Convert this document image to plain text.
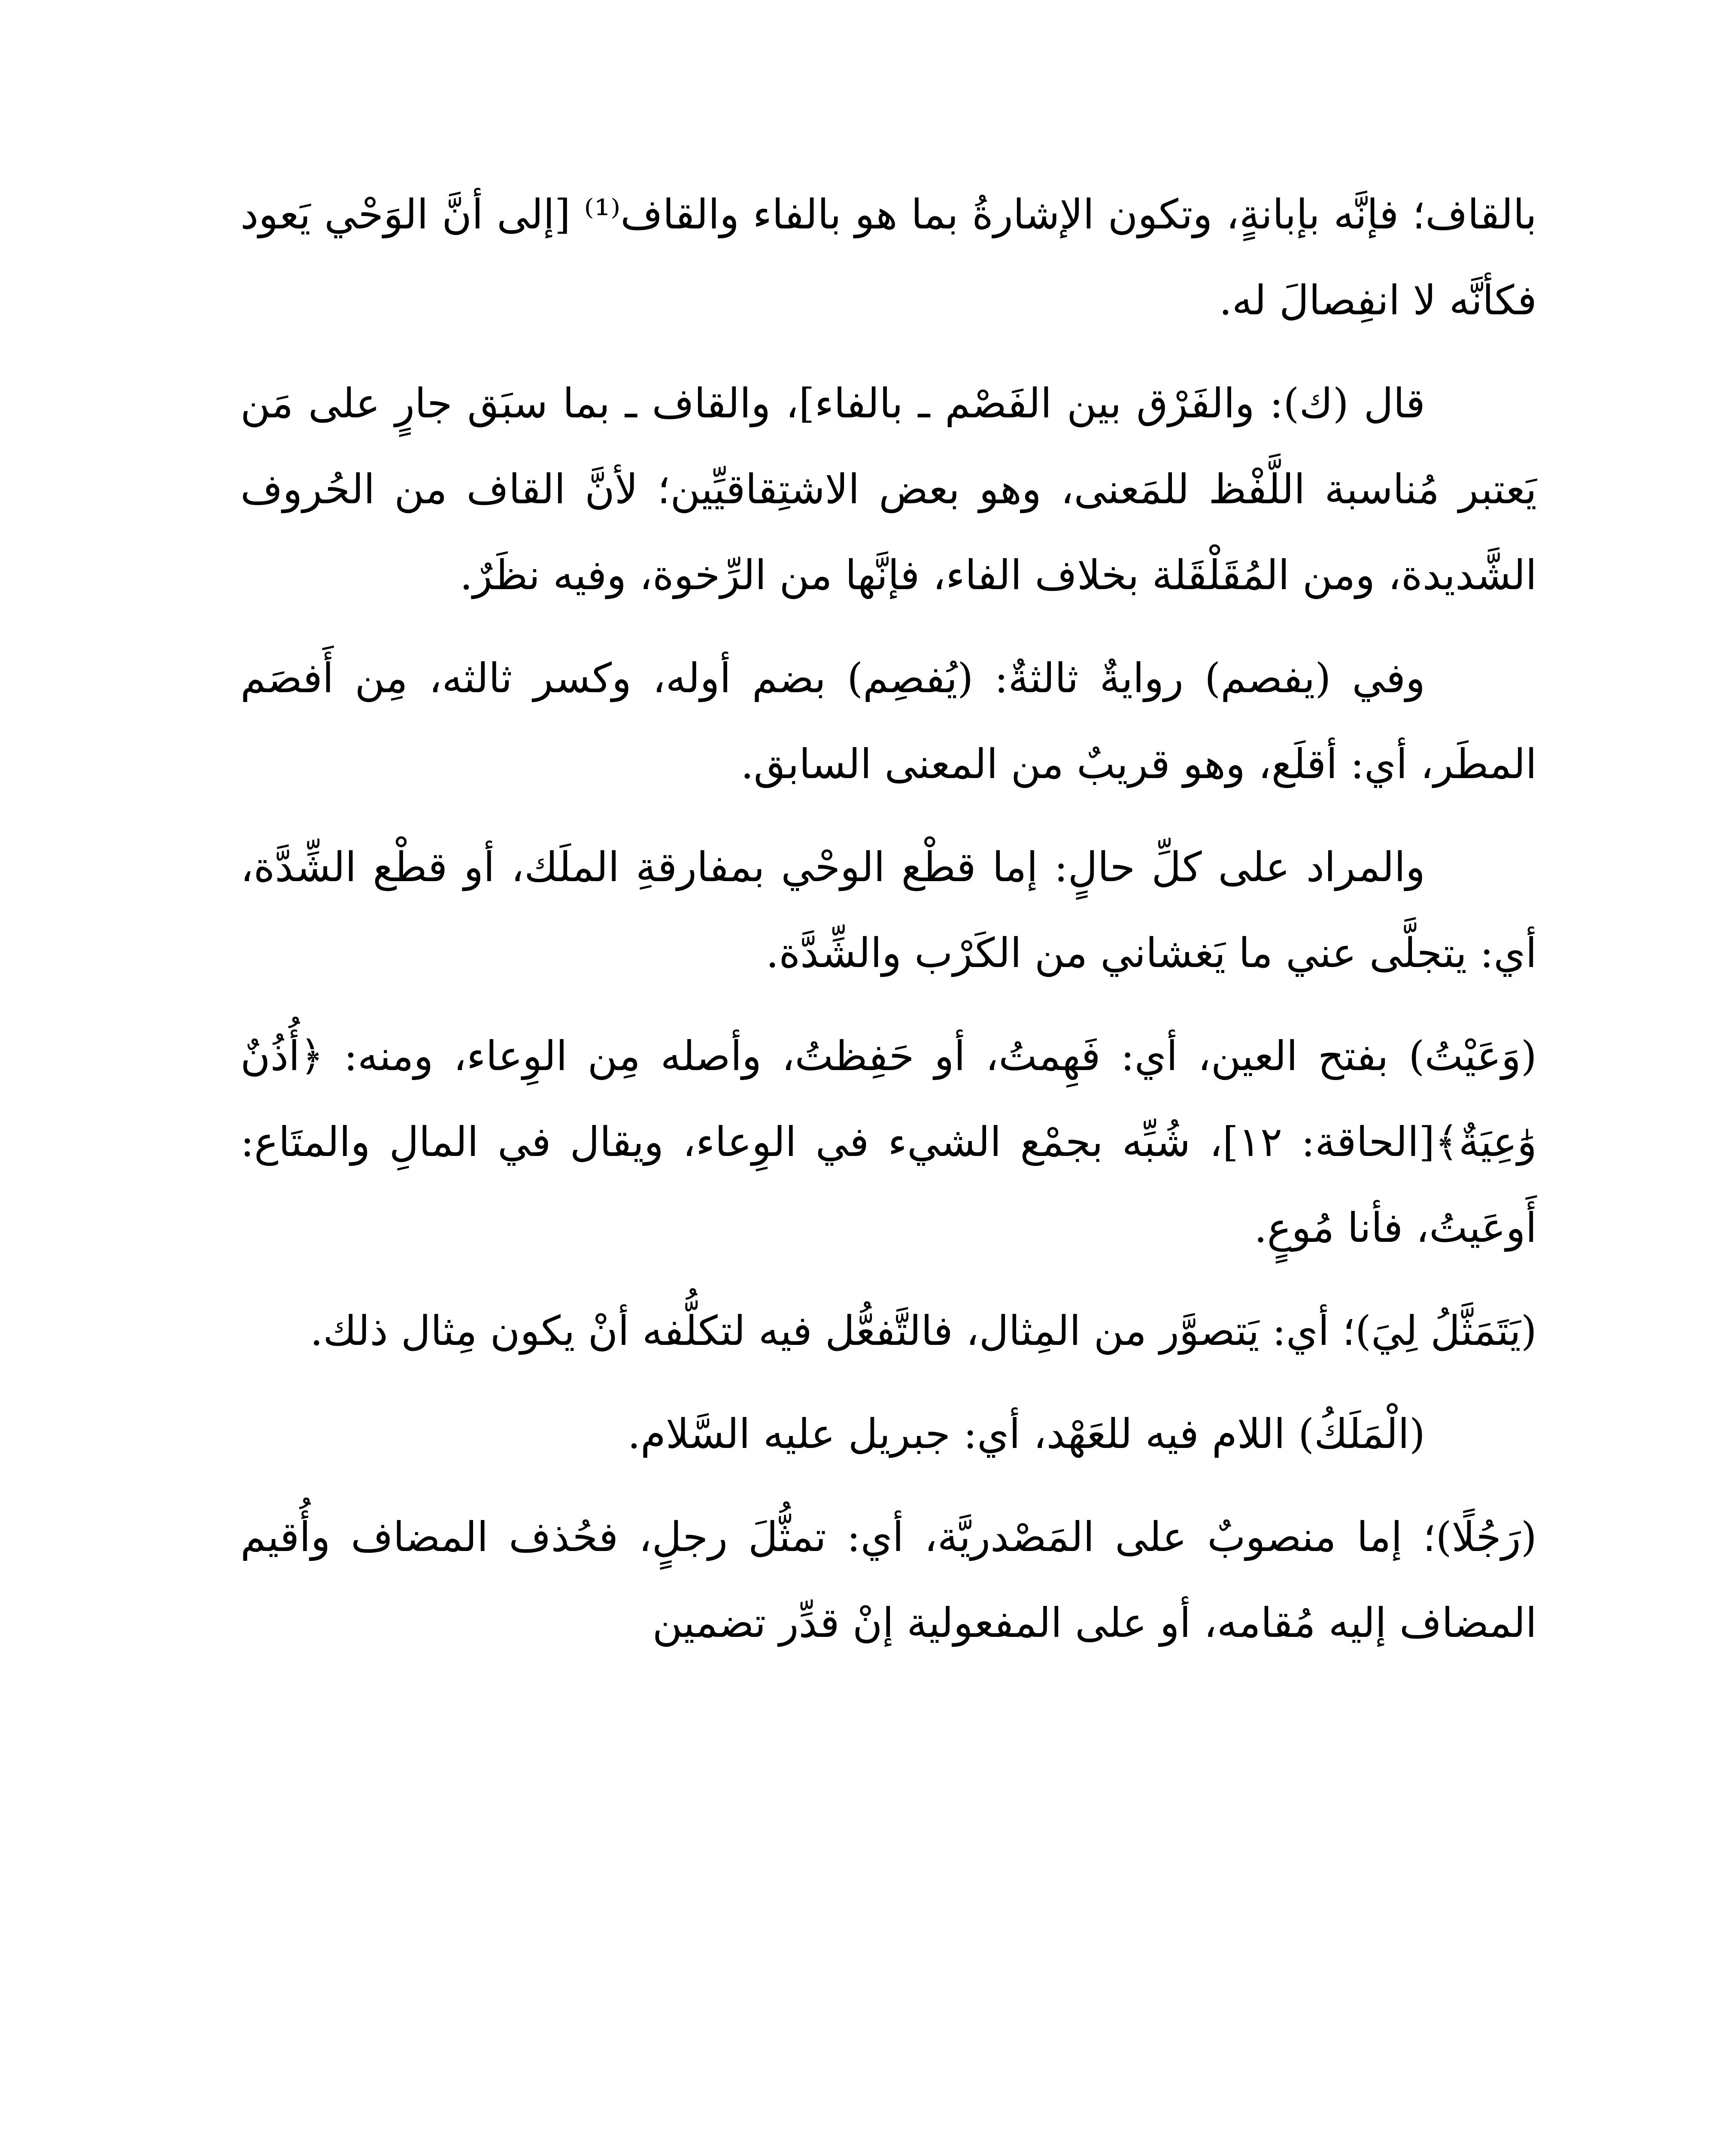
بالقاف؛ فإنَّه بإبانةٍ، وتكون الإشارةُ بما هو بالفاء والقاف⁽¹⁾ [إلى أنَّ الوَحْي يَعود فكأنَّه لا انفِصالَ له.

قال (ك): والفَرْق بين الفَصْم ـ بالفاء]، والقاف ـ بما سبَق جارٍ على مَن يَعتبر مُناسبة اللَّفْظ للمَعنى، وهو بعض الاشتِقاقيِّين؛ لأنَّ القاف من الحُروف الشَّديدة، ومن المُقَلْقَلة بخلاف الفاء، فإنَّها من الرِّخوة، وفيه نظَرٌ.

وفي (يفصم) روايةٌ ثالثةٌ: (يُفصِم) بضم أوله، وكسر ثالثه، مِن أَفصَم المطَر، أي: أقلَع، وهو قريبٌ من المعنى السابق.

والمراد على كلِّ حالٍ: إما قطْع الوحْي بمفارقةِ الملَك، أو قطْع الشِّدَّة، أي: يتجلَّى عني ما يَغشاني من الكَرْب والشِّدَّة.

(وَعَيْتُ) بفتح العين، أي: فَهِمتُ، أو حَفِظتُ، وأصله مِن الوِعاء، ومنه: ﴿أُذُنٌ وَٰعِيَةٌ﴾[الحاقة: ١٢]، شُبِّه بجمْع الشيء في الوِعاء، ويقال في المالِ والمتَاع: أَوعَيتُ، فأنا مُوعٍ.

(يَتَمَثَّلُ لِيَ)؛ أي: يَتصوَّر من المِثال، فالتَّفعُّل فيه لتكلُّفه أنْ يكون مِثال ذلك.

(الْمَلَكُ) اللام فيه للعَهْد، أي: جبريل عليه السَّلام.

(رَجُلًا)؛ إما منصوبٌ على المَصْدريَّة، أي: تمثُّلَ رجلٍ، فحُذف المضاف وأُقيم المضاف إليه مُقامه، أو على المفعولية إنْ قدِّر تضمين
